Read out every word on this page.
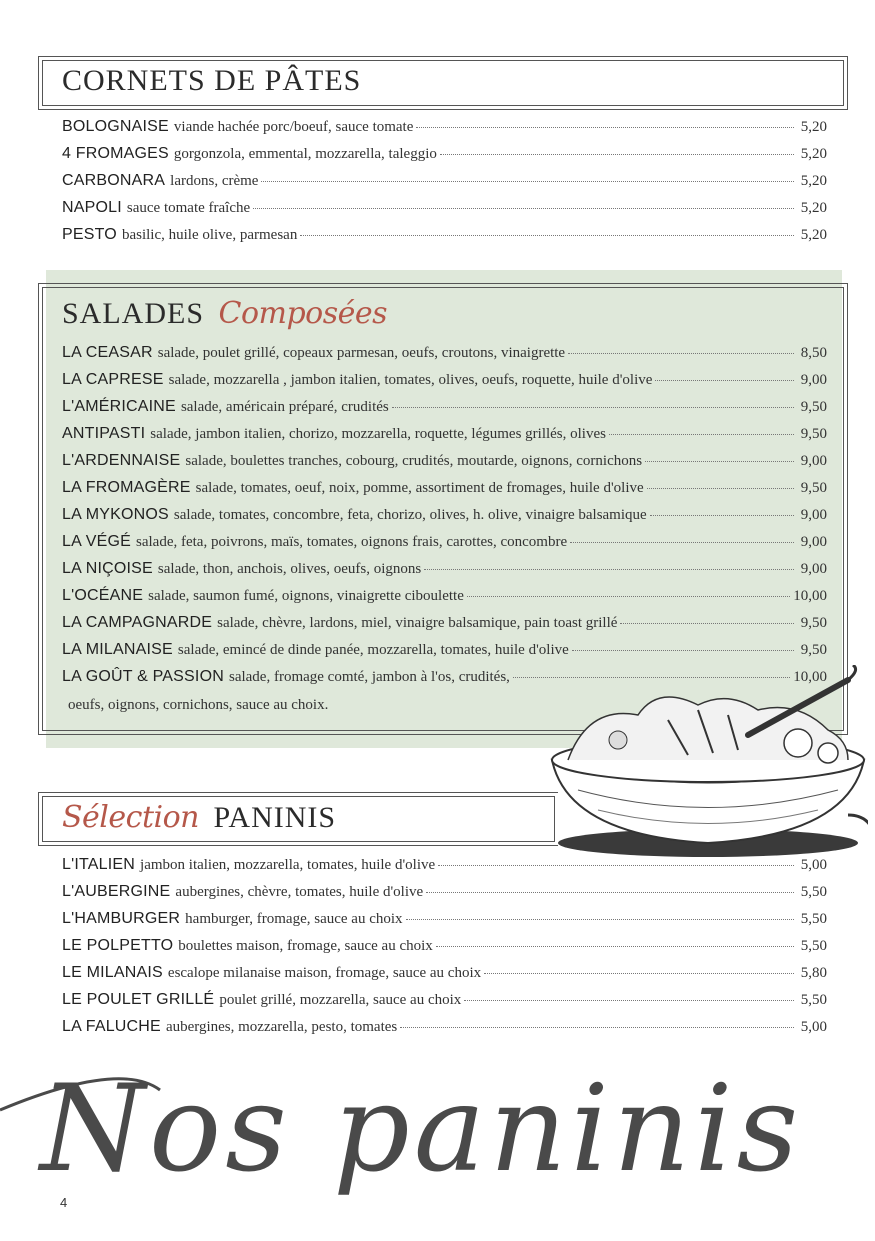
CORNETS DE PÂTES
BOLOGNAISE viande hachée porc/boeuf, sauce tomate	5,20
4 FROMAGES gorgonzola, emmental, mozzarella, taleggio	5,20
CARBONARA lardons, crème	5,20
NAPOLI sauce tomate fraîche	5,20
PESTO basilic, huile olive, parmesan	5,20
SALADES Composées
LA CEASAR salade, poulet grillé, copeaux parmesan, oeufs, croutons, vinaigrette	8,50
LA CAPRESE salade, mozzarella , jambon italien, tomates, olives, oeufs, roquette, huile d'olive	9,00
L'AMÉRICAINE salade, américain préparé, crudités	9,50
ANTIPASTI salade, jambon italien, chorizo, mozzarella, roquette, légumes grillés, olives	9,50
L'ARDENNAISE salade, boulettes tranches, cobourg, crudités, moutarde, oignons, cornichons	9,00
LA FROMAGÈRE salade, tomates, oeuf, noix, pomme, assortiment de fromages, huile d'olive	9,50
LA MYKONOS salade, tomates, concombre, feta, chorizo, olives, h. olive, vinaigre balsamique	9,00
LA VÉGÉ salade, feta, poivrons, maïs, tomates, oignons frais, carottes, concombre	9,00
LA NIÇOISE salade, thon, anchois, olives, oeufs, oignons	9,00
L'OCÉANE salade, saumon fumé, oignons, vinaigrette ciboulette	10,00
LA CAMPAGNARDE salade, chèvre, lardons, miel, vinaigre balsamique, pain toast grillé	9,50
LA MILANAISE salade, emincé de dinde panée, mozzarella, tomates, huile d'olive	9,50
LA GOÛT & PASSION salade, fromage comté, jambon à l'os, crudités,	10,00
oeufs, oignons, cornichons, sauce au choix.
Sélection PANINIS
L'ITALIEN jambon italien, mozzarella, tomates, huile d'olive	5,00
L'AUBERGINE aubergines, chèvre, tomates, huile d'olive	5,50
L'HAMBURGER hamburger, fromage, sauce au choix	5,50
LE POLPETTO boulettes maison, fromage, sauce au choix	5,50
LE MILANAIS escalope milanaise maison, fromage, sauce au choix	5,80
LE POULET GRILLÉ poulet grillé, mozzarella, sauce au choix	5,50
LA FALUCHE aubergines, mozzarella, pesto, tomates	5,00
Nos paninis
4
